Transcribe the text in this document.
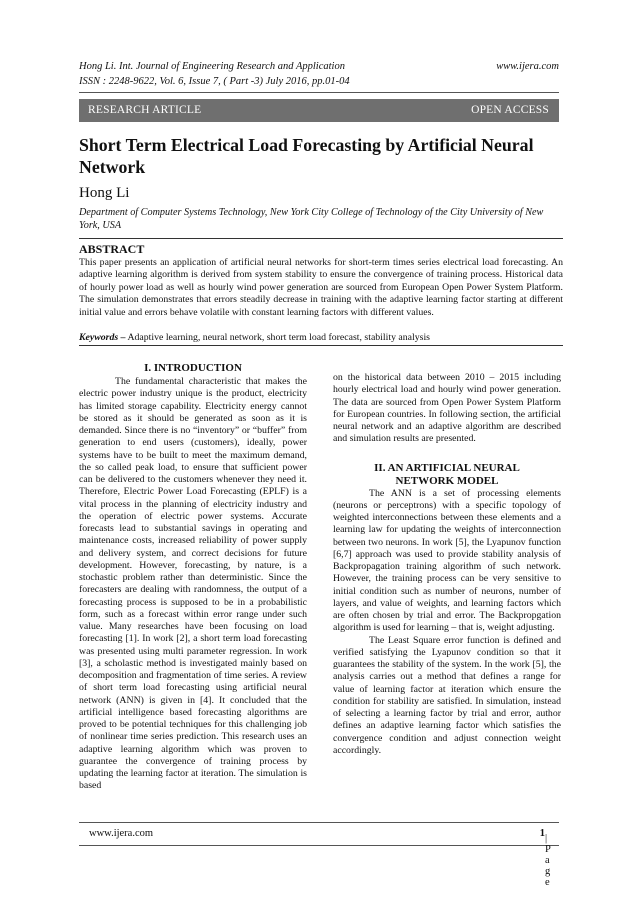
Hong Li. Int. Journal of Engineering Research and Application
ISSN : 2248-9622, Vol. 6, Issue 7, ( Part -3) July 2016, pp.01-04
www.ijera.com
RESEARCH ARTICLE	OPEN ACCESS
Short Term Electrical Load Forecasting by Artificial Neural Network
Hong Li
Department of Computer Systems Technology, New York City College of Technology of the City University of New York, USA
ABSTRACT

This paper presents an application of artificial neural networks for short-term times series electrical load forecasting. An adaptive learning algorithm is derived from system stability to ensure the convergence of training process. Historical data of hourly power load as well as hourly wind power generation are sourced from European Open Power System Platform. The simulation demonstrates that errors steadily decrease in training with the adaptive learning factor starting at different initial value and errors behave volatile with constant learning factors with different values.

Keywords – Adaptive learning, neural network, short term load forecast, stability analysis
I. INTRODUCTION

The fundamental characteristic that makes the electric power industry unique is the product, electricity has limited storage capability. Electricity energy cannot be stored as it should be generated as soon as it is demanded. Since there is no “inventory” or “buffer” from generation to end users (customers), ideally, power systems have to be built to meet the maximum demand, the so called peak load, to ensure that sufficient power can be delivered to the customers whenever they need it. Therefore, Electric Power Load Forecasting (EPLF) is a vital process in the planning of electricity industry and the operation of electric power systems. Accurate forecasts lead to substantial savings in operating and maintenance costs, increased reliability of power supply and delivery system, and correct decisions for future development. However, forecasting, by nature, is a stochastic problem rather than deterministic. Since the forecasters are dealing with randomness, the output of a forecasting process is supposed to be in a probabilistic form, such as a forecast within error range under such value. Many researches have been focusing on load forecasting [1]. In work [2], a short term load forecasting was presented using multi parameter regression. In work [3], a scholastic method is investigated mainly based on decomposition and fragmentation of time series. A review of short term load forecasting using artificial neural network (ANN) is given in [4]. It concluded that the artificial intelligence based forecasting algorithms are proved to be potential techniques for this challenging job of nonlinear time series prediction. This research uses an adaptive learning algorithm which was proven to guarantee the convergence of training process by updating the learning factor at iteration. The simulation is based

on the historical data between 2010 – 2015 including hourly electrical load and hourly wind power generation. The data are sourced from Open Power System Platform for European countries. In following section, the artificial neural network and an adaptive algorithm are described and simulation results are presented.

II. AN ARTIFICIAL NEURAL
NETWORK MODEL

The ANN is a set of processing elements (neurons or perceptrons) with a specific topology of weighted interconnections between these elements and a learning law for updating the weights of interconnection between two neurons. In work [5], the Lyapunov function [6,7] approach was used to provide stability analysis of Backpropagation training algorithm of such network. However, the training process can be very sensitive to initial condition such as number of neurons, number of layers, and value of weights, and learning factors which are often chosen by trial and error. The Backpropgation algorithm is used for learning – that is, weight adjusting.

The Least Square error function is defined and verified satisfying the Lyapunov condition so that it guarantees the stability of the system. In the work [5], the analysis carries out a method that defines a range for value of learning factor at iteration which ensure the condition for stability are satisfied. In simulation, instead of selecting a learning factor by trial and error, author defines an adaptive learning factor which satisfies the convergence condition and adjust connection weight accordingly.

www.ijera.com	1 | P a g e
